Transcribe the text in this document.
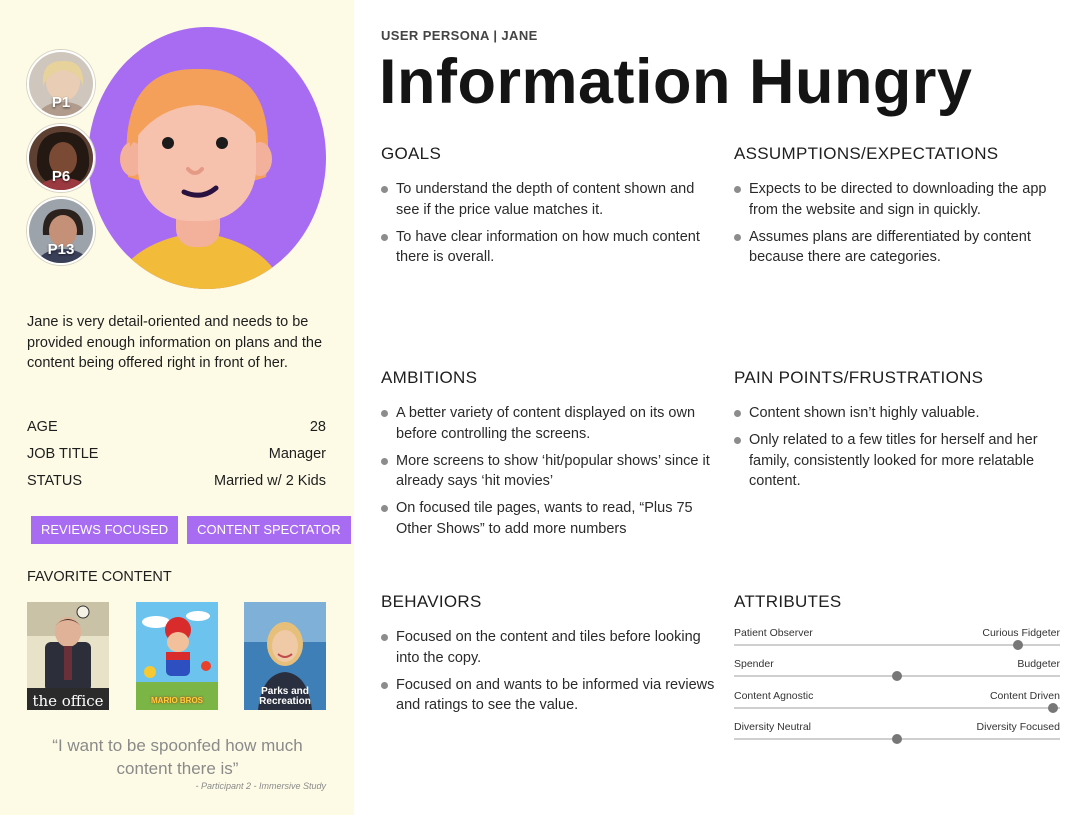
P1
P6
P13

Jane is very detail-oriented and needs to be provided enough information on plans and the content being offered right in front of her.

AGE	28
JOB TITLE	Manager
STATUS	Married w/ 2 Kids
REVIEWS FOCUSED	CONTENT SPECTATOR
FAVORITE CONTENT
the office	MARIO BROS
Parks and Recreation
“I want to be spoonfed how much content there is”
- Participant 2 - Immersive Study
USER PERSONA | JANE
Information Hungry
GOALS
To understand the depth of content shown and see if the price value matches it.
To have clear information on how much content there is overall.
ASSUMPTIONS/EXPECTATIONS
Expects to be directed to downloading the app from the website and sign in quickly.
Assumes plans are differentiated by content because there are categories.
AMBITIONS
A better variety of content displayed on its own before controlling the screens.
More screens to show ‘hit/popular shows’ since it already says ‘hit movies’
On focused tile pages, wants to read, “Plus 75 Other Shows” to add more numbers
PAIN POINTS/FRUSTRATIONS
Content shown isn’t highly valuable.
Only related to a few titles for herself and her family, consistently looked for more relatable content.
BEHAVIORS
Focused on the content and tiles before looking into the copy.
Focused on and wants to be informed via reviews and ratings to see the value.
ATTRIBUTES
Patient Observer	Curious Fidgeter
Spender	Budgeter
Content Agnostic	Content Driven
Diversity Neutral	Diversity Focused
